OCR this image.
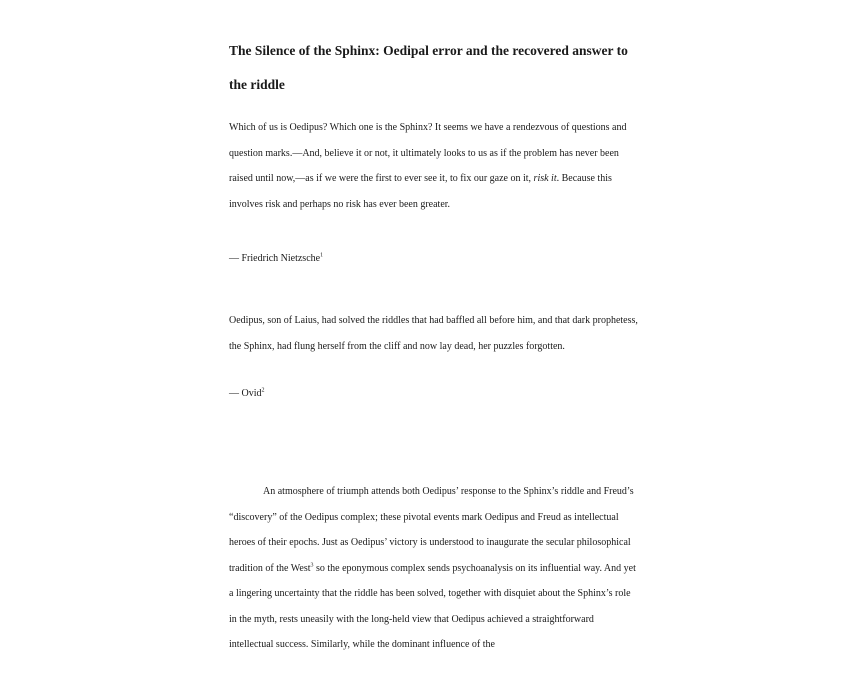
The Silence of the Sphinx: Oedipal error and the recovered answer to the riddle

Which of us is Oedipus? Which one is the Sphinx? It seems we have a rendezvous of questions and question marks.—And, believe it or not, it ultimately looks to us as if the problem has never been raised until now,—as if we were the first to ever see it, to fix our gaze on it, risk it. Because this involves risk and perhaps no risk has ever been greater.

— Friedrich Nietzsche$^1$

Oedipus, son of Laius, had solved the riddles that had baffled all before him, and that dark prophetess, the Sphinx, had flung herself from the cliff and now lay dead, her puzzles forgotten.

— Ovid$^2$

An atmosphere of triumph attends both Oedipus’ response to the Sphinx’s riddle and Freud’s “discovery” of the Oedipus complex; these pivotal events mark Oedipus and Freud as intellectual heroes of their epochs. Just as Oedipus’ victory is understood to inaugurate the secular philosophical tradition of the West$^3$ so the eponymous complex sends psychoanalysis on its influential way. And yet a lingering uncertainty that the riddle has been solved, together with disquiet about the Sphinx’s role in the myth, rests uneasily with the long-held view that Oedipus achieved a straightforward intellectual success. Similarly, while the dominant influence of the
